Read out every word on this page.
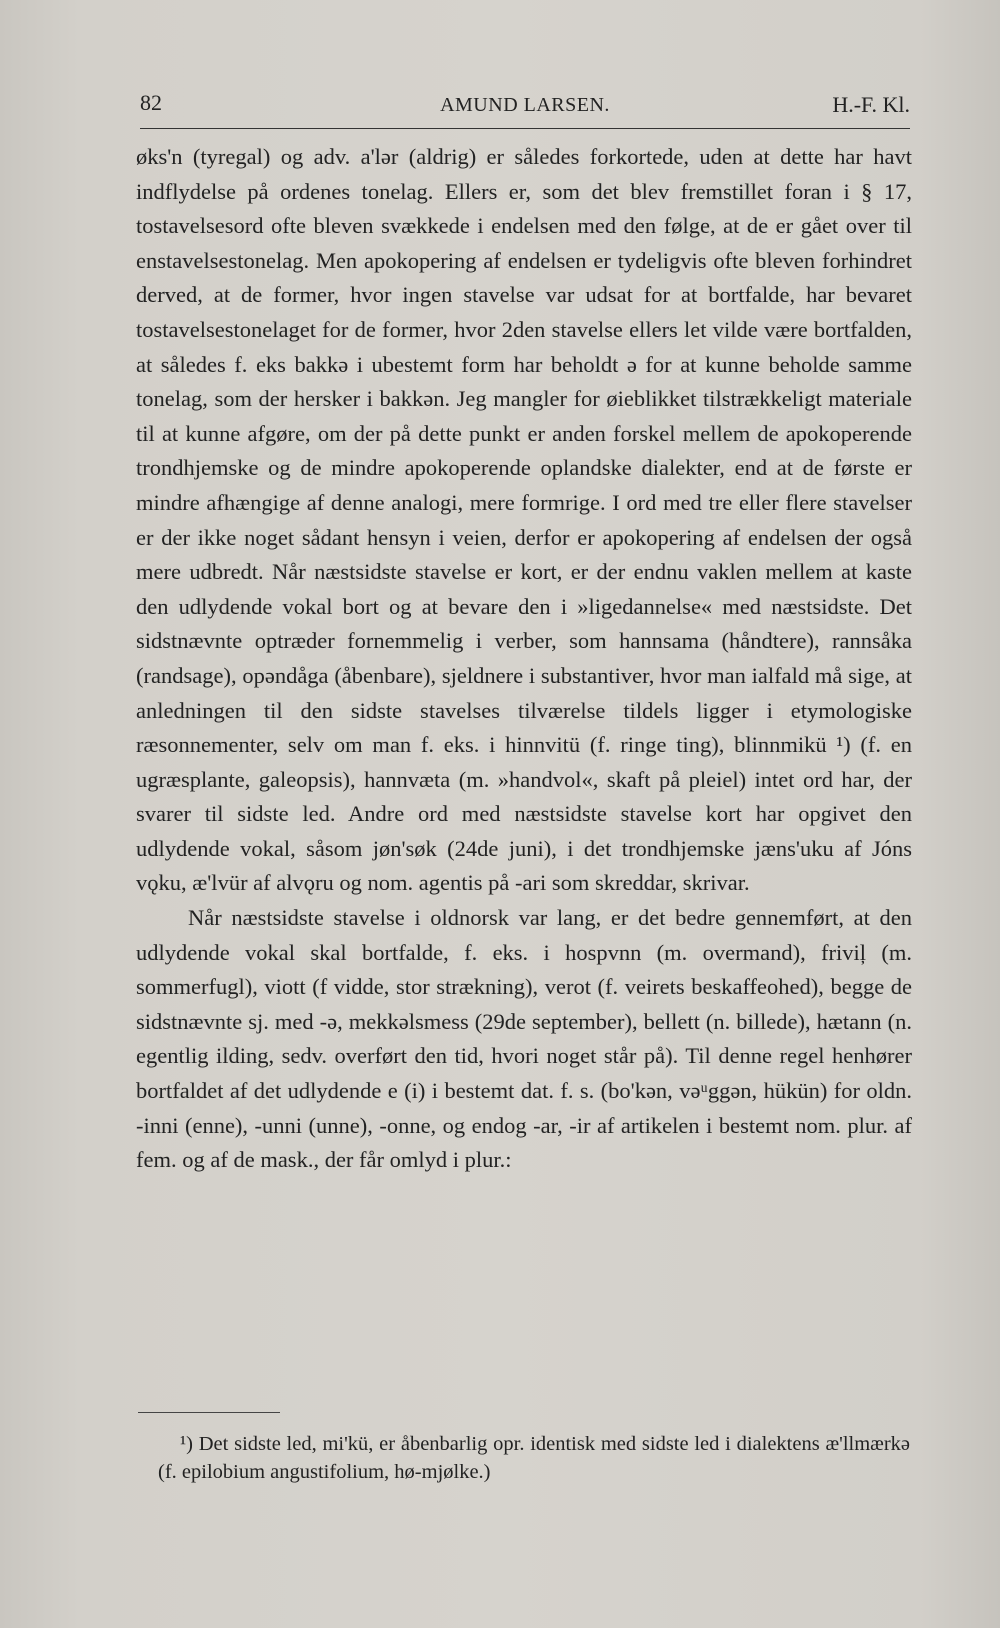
82	AMUND LARSEN.	H.-F. Kl.

øks'n (tyregal) og adv. a'lər (aldrig) er således forkortede, uden at dette har havt indflydelse på ordenes tonelag. Ellers er, som det blev fremstillet foran i § 17, tostavelsesord ofte bleven svækkede i endelsen med den følge, at de er gået over til enstavelsestonelag. Men apokopering af endelsen er tydeligvis ofte bleven forhindret derved, at de former, hvor ingen stavelse var udsat for at bortfalde, har bevaret tostavelsestonelaget for de former, hvor 2den stavelse ellers let vilde være bortfalden, at således f. eks bakkə i ubestemt form har beholdt ə for at kunne beholde samme tonelag, som der hersker i bakkən. Jeg mangler for øieblikket tilstrækkeligt materiale til at kunne afgøre, om der på dette punkt er anden forskel mellem de apokoperende trondhjemske og de mindre apokoperende oplandske dialekter, end at de første er mindre afhængige af denne analogi, mere formrige. I ord med tre eller flere stavelser er der ikke noget sådant hensyn i veien, derfor er apokopering af endelsen der også mere udbredt. Når næstsidste stavelse er kort, er der endnu vaklen mellem at kaste den udlydende vokal bort og at bevare den i »ligedannelse« med næstsidste. Det sidstnævnte optræder fornemmelig i verber, som hannsama (håndtere), rannsåka (randsage), opəndåga (åbenbare), sjeldnere i substantiver, hvor man ialfald må sige, at anledningen til den sidste stavelses tilværelse tildels ligger i etymologiske ræsonnementer, selv om man f. eks. i hinnvitü (f. ringe ting), blinnmikü ¹) (f. en ugræsplante, galeopsis), hannvæta (m. »handvol«, skaft på pleiel) intet ord har, der svarer til sidste led. Andre ord med næstsidste stavelse kort har opgivet den udlydende vokal, såsom jøn'søk (24de juni), i det trondhjemske jæns'uku af Jóns vǫku, æ'lvür af alvǫru og nom. agentis på -ari som skreddar, skrivar.

Når næstsidste stavelse i oldnorsk var lang, er det bedre gennemført, at den udlydende vokal skal bortfalde, f. eks. i hospvnn (m. overmand), friviļ (m. sommerfugl), viott (f vidde, stor strækning), verot (f. veirets beskaffeohed), begge de sidstnævnte sj. med -ə, mekkəlsmess (29de september), bellett (n. billede), hætann (n. egentlig ilding, sedv. overført den tid, hvori noget står på). Til denne regel henhører bortfaldet af det udlydende e (i) i bestemt dat. f. s. (bo'kən, vəᵘggən, hükün) for oldn. -inni (enne), -unni (unne), -onne, og endog -ar, -ir af artikelen i bestemt nom. plur. af fem. og af de mask., der får omlyd i plur.:

¹) Det sidste led, mi'kü, er åbenbarlig opr. identisk med sidste led i dialektens æ'llmærkə (f. epilobium angustifolium, hø-mjølke.)
